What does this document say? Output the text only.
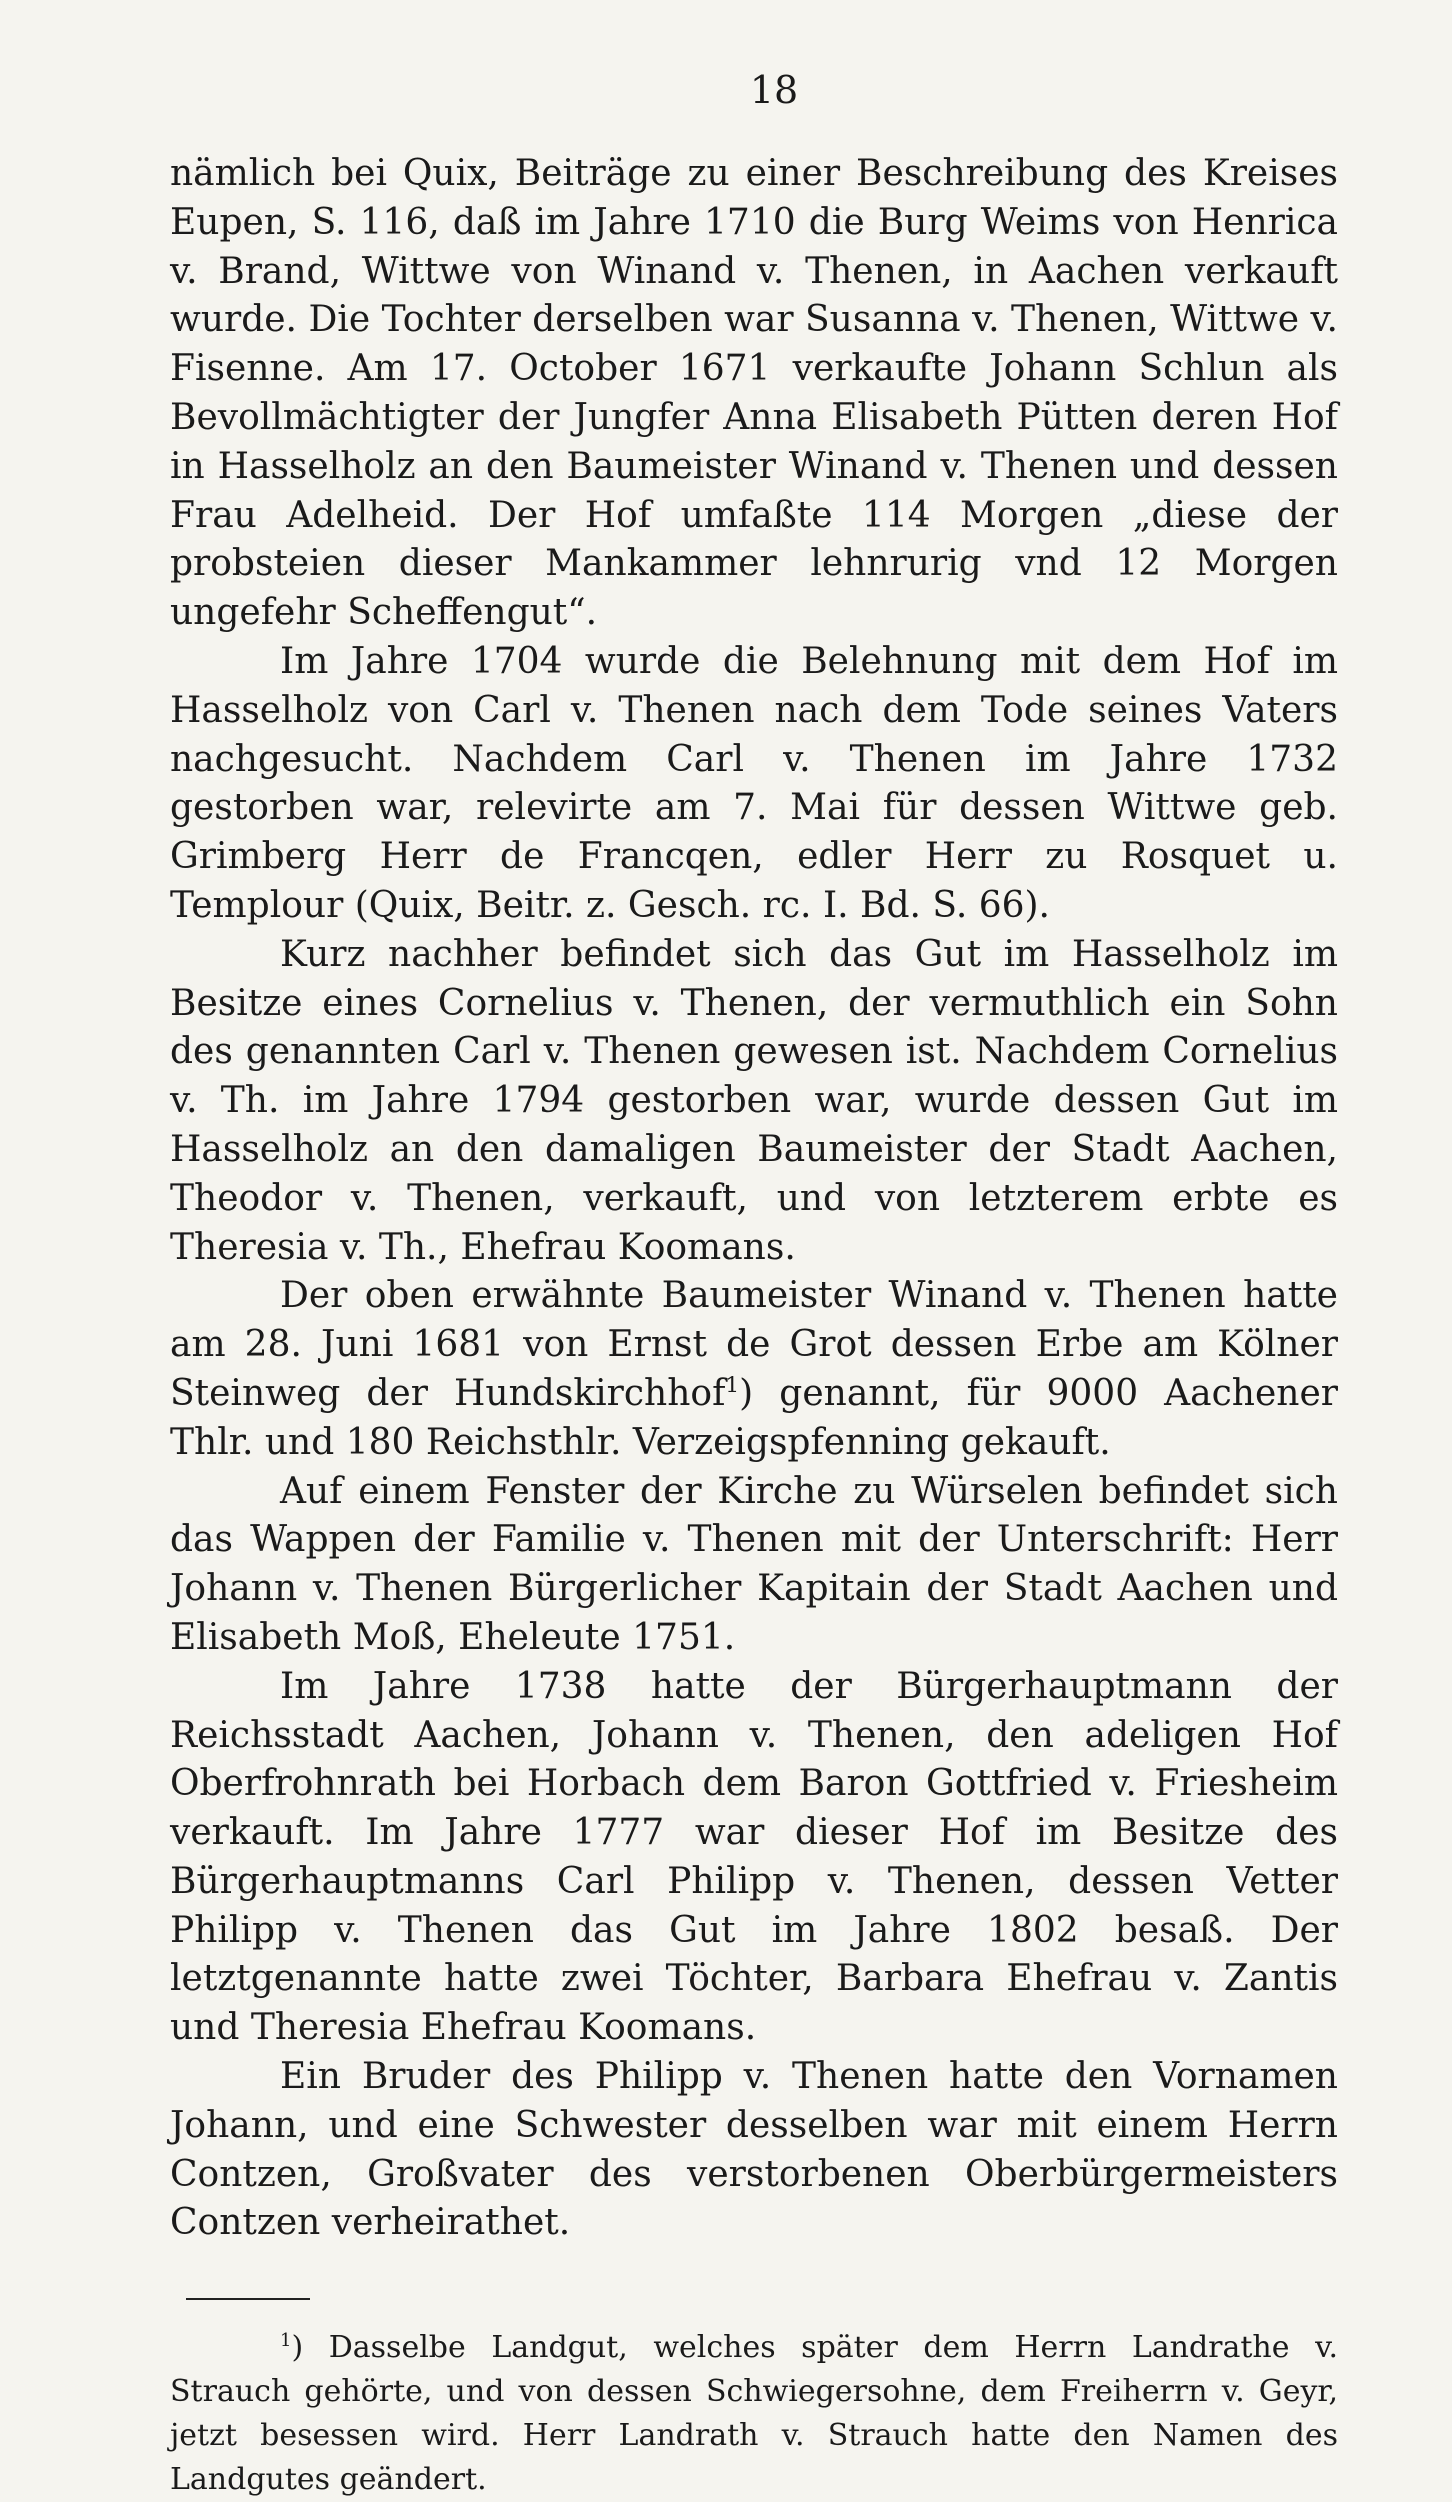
18

nämlich bei Quix, Beiträge zu einer Beschreibung des Kreises Eupen, S. 116, daß im Jahre 1710 die Burg Weims von Henrica v. Brand, Wittwe von Winand v. Thenen, in Aachen verkauft wurde. Die Tochter derselben war Susanna v. Thenen, Wittwe v. Fisenne. Am 17. October 1671 verkaufte Johann Schlun als Bevollmächtigter der Jungfer Anna Elisabeth Pütten deren Hof in Hasselholz an den Baumeister Winand v. Thenen und dessen Frau Adelheid. Der Hof umfaßte 114 Morgen „diese der probsteien dieser Mankammer lehnrurig vnd 12 Morgen ungefehr Scheffengut“.

Im Jahre 1704 wurde die Belehnung mit dem Hof im Hasselholz von Carl v. Thenen nach dem Tode seines Vaters nachgesucht. Nachdem Carl v. Thenen im Jahre 1732 gestorben war, relevirte am 7. Mai für dessen Wittwe geb. Grimberg Herr de Francqen, edler Herr zu Rosquet u. Templour (Quix, Beitr. z. Gesch. rc. I. Bd. S. 66).

Kurz nachher befindet sich das Gut im Hasselholz im Besitze eines Cornelius v. Thenen, der vermuthlich ein Sohn des genannten Carl v. Thenen gewesen ist. Nachdem Cornelius v. Th. im Jahre 1794 gestorben war, wurde dessen Gut im Hasselholz an den damaligen Baumeister der Stadt Aachen, Theodor v. Thenen, verkauft, und von letzterem erbte es Theresia v. Th., Ehefrau Koomans.

Der oben erwähnte Baumeister Winand v. Thenen hatte am 28. Juni 1681 von Ernst de Grot dessen Erbe am Kölner Steinweg der Hundskirchhof$^1$) genannt, für 9000 Aachener Thlr. und 180 Reichsthlr. Verzeigspfenning gekauft.

Auf einem Fenster der Kirche zu Würselen befindet sich das Wappen der Familie v. Thenen mit der Unterschrift: Herr Johann v. Thenen Bürgerlicher Kapitain der Stadt Aachen und Elisabeth Moß, Eheleute 1751.

Im Jahre 1738 hatte der Bürgerhauptmann der Reichsstadt Aachen, Johann v. Thenen, den adeligen Hof Oberfrohnrath bei Horbach dem Baron Gottfried v. Friesheim verkauft. Im Jahre 1777 war dieser Hof im Besitze des Bürgerhauptmanns Carl Philipp v. Thenen, dessen Vetter Philipp v. Thenen das Gut im Jahre 1802 besaß. Der letztgenannte hatte zwei Töchter, Barbara Ehefrau v. Zantis und Theresia Ehefrau Koomans.

Ein Bruder des Philipp v. Thenen hatte den Vornamen Johann, und eine Schwester desselben war mit einem Herrn Contzen, Großvater des verstorbenen Oberbürgermeisters Contzen verheirathet.

$^1$) Dasselbe Landgut, welches später dem Herrn Landrathe v. Strauch gehörte, und von dessen Schwiegersohne, dem Freiherrn v. Geyr, jetzt besessen wird. Herr Landrath v. Strauch hatte den Namen des Landgutes geändert.
